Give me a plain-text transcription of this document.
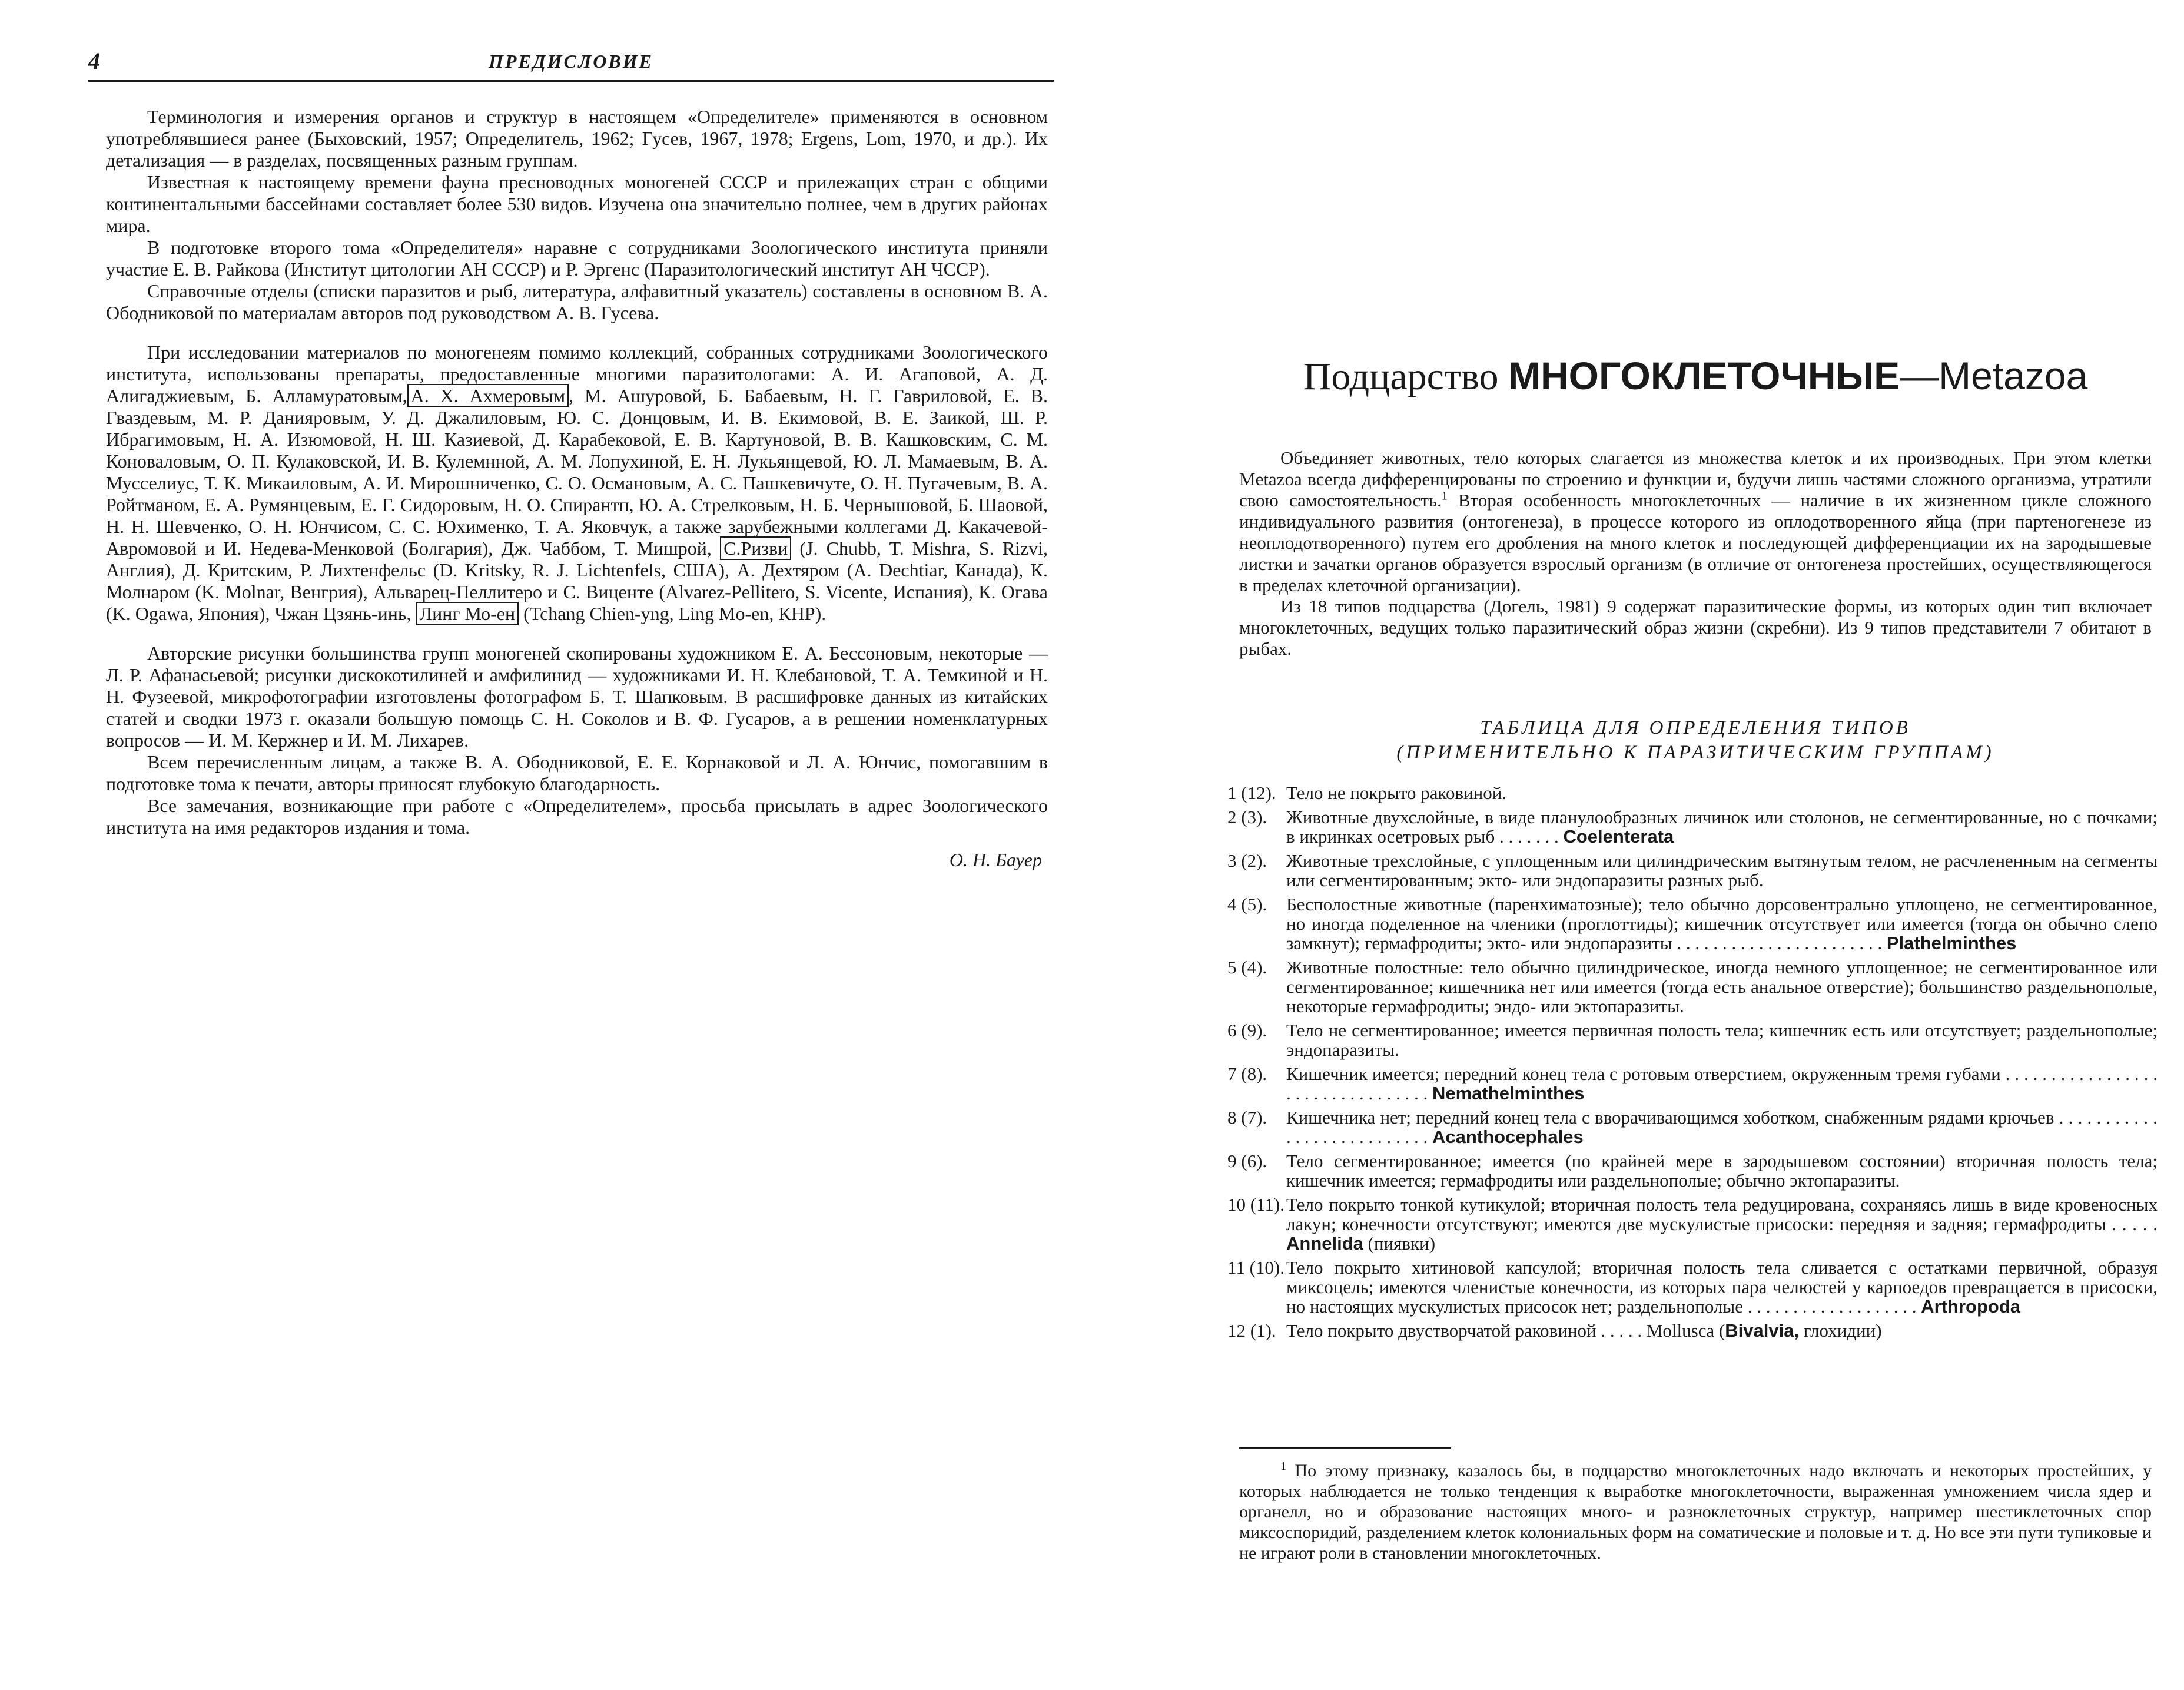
4	ПРЕДИСЛОВИЕ

Терминология и измерения органов и структур в настоящем «Определителе» применяются в основном употреблявшиеся ранее (Быховский, 1957; Определитель, 1962; Гусев, 1967, 1978; Ergens, Lom, 1970, и др.). Их детализация — в разделах, посвященных разным группам.

Известная к настоящему времени фауна пресноводных моногеней СССР и прилежащих стран с общими континентальными бассейнами составляет более 530 видов. Изучена она значительно полнее, чем в других районах мира.

В подготовке второго тома «Определителя» наравне с сотрудниками Зоологического института приняли участие Е. В. Райкова (Институт цитологии АН СССР) и Р. Эргенс (Паразитологический институт АН ЧССР).

Справочные отделы (списки паразитов и рыб, литература, алфавитный указатель) составлены в основном В. А. Ободниковой по материалам авторов под руководством А. В. Гусева.

При исследовании материалов по моногенеям помимо коллекций, собранных сотрудниками Зоологического института, использованы препараты, предоставленные многими паразитологами: А. И. Агаповой, А. Д. Алигаджиевым, Б. Алламуратовым, А. Х. Ахмеровым , М. Ашуровой, Б. Бабаевым, Н. Г. Гавриловой, Е. В. Гваздевым, М. Р. Данияровым, У. Д. Джалиловым, Ю. С. Донцовым, И. В. Екимовой, В. Е. Заикой, Ш. Р. Ибрагимовым, Н. А. Изюмовой, Н. Ш. Казиевой, Д. Карабековой, Е. В. Картуновой, В. В. Кашковским, С. М. Коноваловым, О. П. Кулаковской, И. В. Кулемнной, А. М. Лопухиной, Е. Н. Лукьянцевой, Ю. Л. Мамаевым, В. А. Мусселиус, Т. К. Микаиловым, А. И. Мирошниченко, С. О. Османовым, А. С. Пашкевичуте, О. Н. Пугачевым, В. А. Ройтманом, Е. А. Румянцевым, Е. Г. Сидоровым, Н. О. Спирантп, Ю. А. Стрелковым, Н. Б. Чернышовой, Б. Шаовой, Н. Н. Шевченко, О. Н. Юнчисом, С. С. Юхименко, Т. А. Яковчук, а также зарубежными коллегами Д. Какачевой-Авромовой и И. Недева-Менковой (Болгария), Дж. Чаббом, Т. Мишрой, С.Ризви (J. Chubb, T. Mishra, S. Rizvi, Англия), Д. Критским, Р. Лихтенфельс (D. Kritsky, R. J. Lichtenfels, США), А. Дехтяром (A. Dechtiar, Канада), К. Молнаром (K. Molnar, Венгрия), Альварец-Пеллитеро и С. Вицентe (Alvarez-Pellitero, S. Vicente, Испания), К. Огава (K. Ogawa, Япония), Чжан Цзянь-инь, Линг Мо-ен (Tchang Chien-yng, Ling Mo-en, КНР).

Авторские рисунки большинства групп моногеней скопированы художником Е. А. Бессоновым, некоторые — Л. Р. Афанасьевой; рисунки дискокотилиней и амфилинид — художниками И. Н. Клебановой, Т. А. Темкиной и Н. Н. Фузеевой, микрофотографии изготовлены фотографом Б. Т. Шапковым. В расшифровке данных из китайских статей и сводки 1973 г. оказали большую помощь С. Н. Соколов и В. Ф. Гусаров, а в решении номенклатурных вопросов — И. М. Кержнер и И. М. Лихарев.

Всем перечисленным лицам, а также В. А. Ободниковой, Е. Е. Корнаковой и Л. А. Юнчис, помогавшим в подготовке тома к печати, авторы приносят глубокую благодарность.

Все замечания, возникающие при работе с «Определителем», просьба присылать в адрес Зоологического института на имя редакторов издания и тома.

О. Н. Бауер
Подцарство МНОГОКЛЕТОЧНЫЕ—Metazoa

Объединяет животных, тело которых слагается из множества клеток и их производных. При этом клетки Metazoa всегда дифференцированы по строению и функции и, будучи лишь частями сложного организма, утратили свою самостоятельность.$^1$ Вторая особенность многоклеточных — наличие в их жизненном цикле сложного индивидуального развития (онтогенеза), в процессе которого из оплодотворенного яйца (при партеногенезе из неоплодотворенного) путем его дробления на много клеток и последующей дифференциации их на зародышевые листки и зачатки органов образуется взрослый организм (в отличие от онтогенеза простейших, осуществляющегося в пределах клеточной организации).

Из 18 типов подцарства (Догель, 1981) 9 содержат паразитические формы, из которых один тип включает многоклеточных, ведущих только паразитический образ жизни (скребни). Из 9 типов представители 7 обитают в рыбах.

ТАБЛИЦА ДЛЯ ОПРЕДЕЛЕНИЯ ТИПОВ
(ПРИМЕНИТЕЛЬНО К ПАРАЗИТИЧЕСКИМ ГРУППАМ)
1 (12). Тело не покрыто раковиной.
2 (3).	Животные двухслойные, в виде планулообразных личинок или столонов, не сегментированные, но с почками; в икринках осетровых рыб . . . . . . . Coelenterata
3 (2).	Животные трехслойные, с уплощенным или цилиндрическим вытянутым телом, не расчлененным на сегменты или сегментированным; экто- или эндопаразиты разных рыб.
4 (5).	Бесполостные животные (паренхиматозные); тело обычно дорсовентрально уплощено, не сегментированное, но иногда поделенное на членики (проглоттиды); кишечник отсутствует или имеется (тогда он обычно слепо замкнут); гермафродиты; экто- или эндопаразиты . . . . . . . . . . . . . . . . . . . . . . . Plathelminthes
5 (4).	Животные полостные: тело обычно цилиндрическое, иногда немного уплощенное; не сегментированное или сегментированное; кишечника нет или имеется (тогда есть анальное отверстие); большинство раздельнополые, некоторые гермафродиты; эндо- или эктопаразиты.
6 (9).	Тело не сегментированное; имеется первичная полость тела; кишечник есть или отсутствует; раздельнополые; эндопаразиты.
7 (8).	Кишечник имеется; передний конец тела с ротовым отверстием, окруженным тремя губами . . . . . . . . . . . . . . . . . . . . . . . . . . . . . . . . . Nemathelminthes
8 (7).	Кишечника нет; передний конец тела с вворачивающимся хоботком, снабженным рядами крючьев . . . . . . . . . . . . . . . . . . . . . . . . . . . Acanthocephales
9 (6).	Тело сегментированное; имеется (по крайней мере в зародышевом состоянии) вторичная полость тела; кишечник имеется; гермафродиты или раздельнополые; обычно эктопаразиты.
10 (11). Тело покрыто тонкой кутикулой; вторичная полость тела редуцирована, сохраняясь лишь в виде кровеносных лакун; конечности отсутствуют; имеются две мускулистые присоски: передняя и задняя; гермафродиты . . . . . Annelida (пиявки)
11 (10). Тело покрыто хитиновой капсулой; вторичная полость тела сливается с остатками первичной, образуя миксоцель; имеются членистые конечности, из которых пара челюстей у карпоедов превращается в присоски, но настоящих мускулистых присосок нет; раздельнополые . . . . . . . . . . . . . . . . . . . Arthropoda
12 (1). Тело покрыто двустворчатой раковиной . . . . . Mollusca (Bivalvia, глохидии)

$^1$ По этому признаку, казалось бы, в подцарство многоклеточных надо включать и некоторых простейших, у которых наблюдается не только тенденция к выработке многоклеточности, выраженная умножением числа ядер и органелл, но и образование настоящих много- и разноклеточных структур, например шестиклеточных спор миксоспоридий, разделением клеток колониальных форм на соматические и половые и т. д. Но все эти пути тупиковые и не играют роли в становлении многоклеточных.
